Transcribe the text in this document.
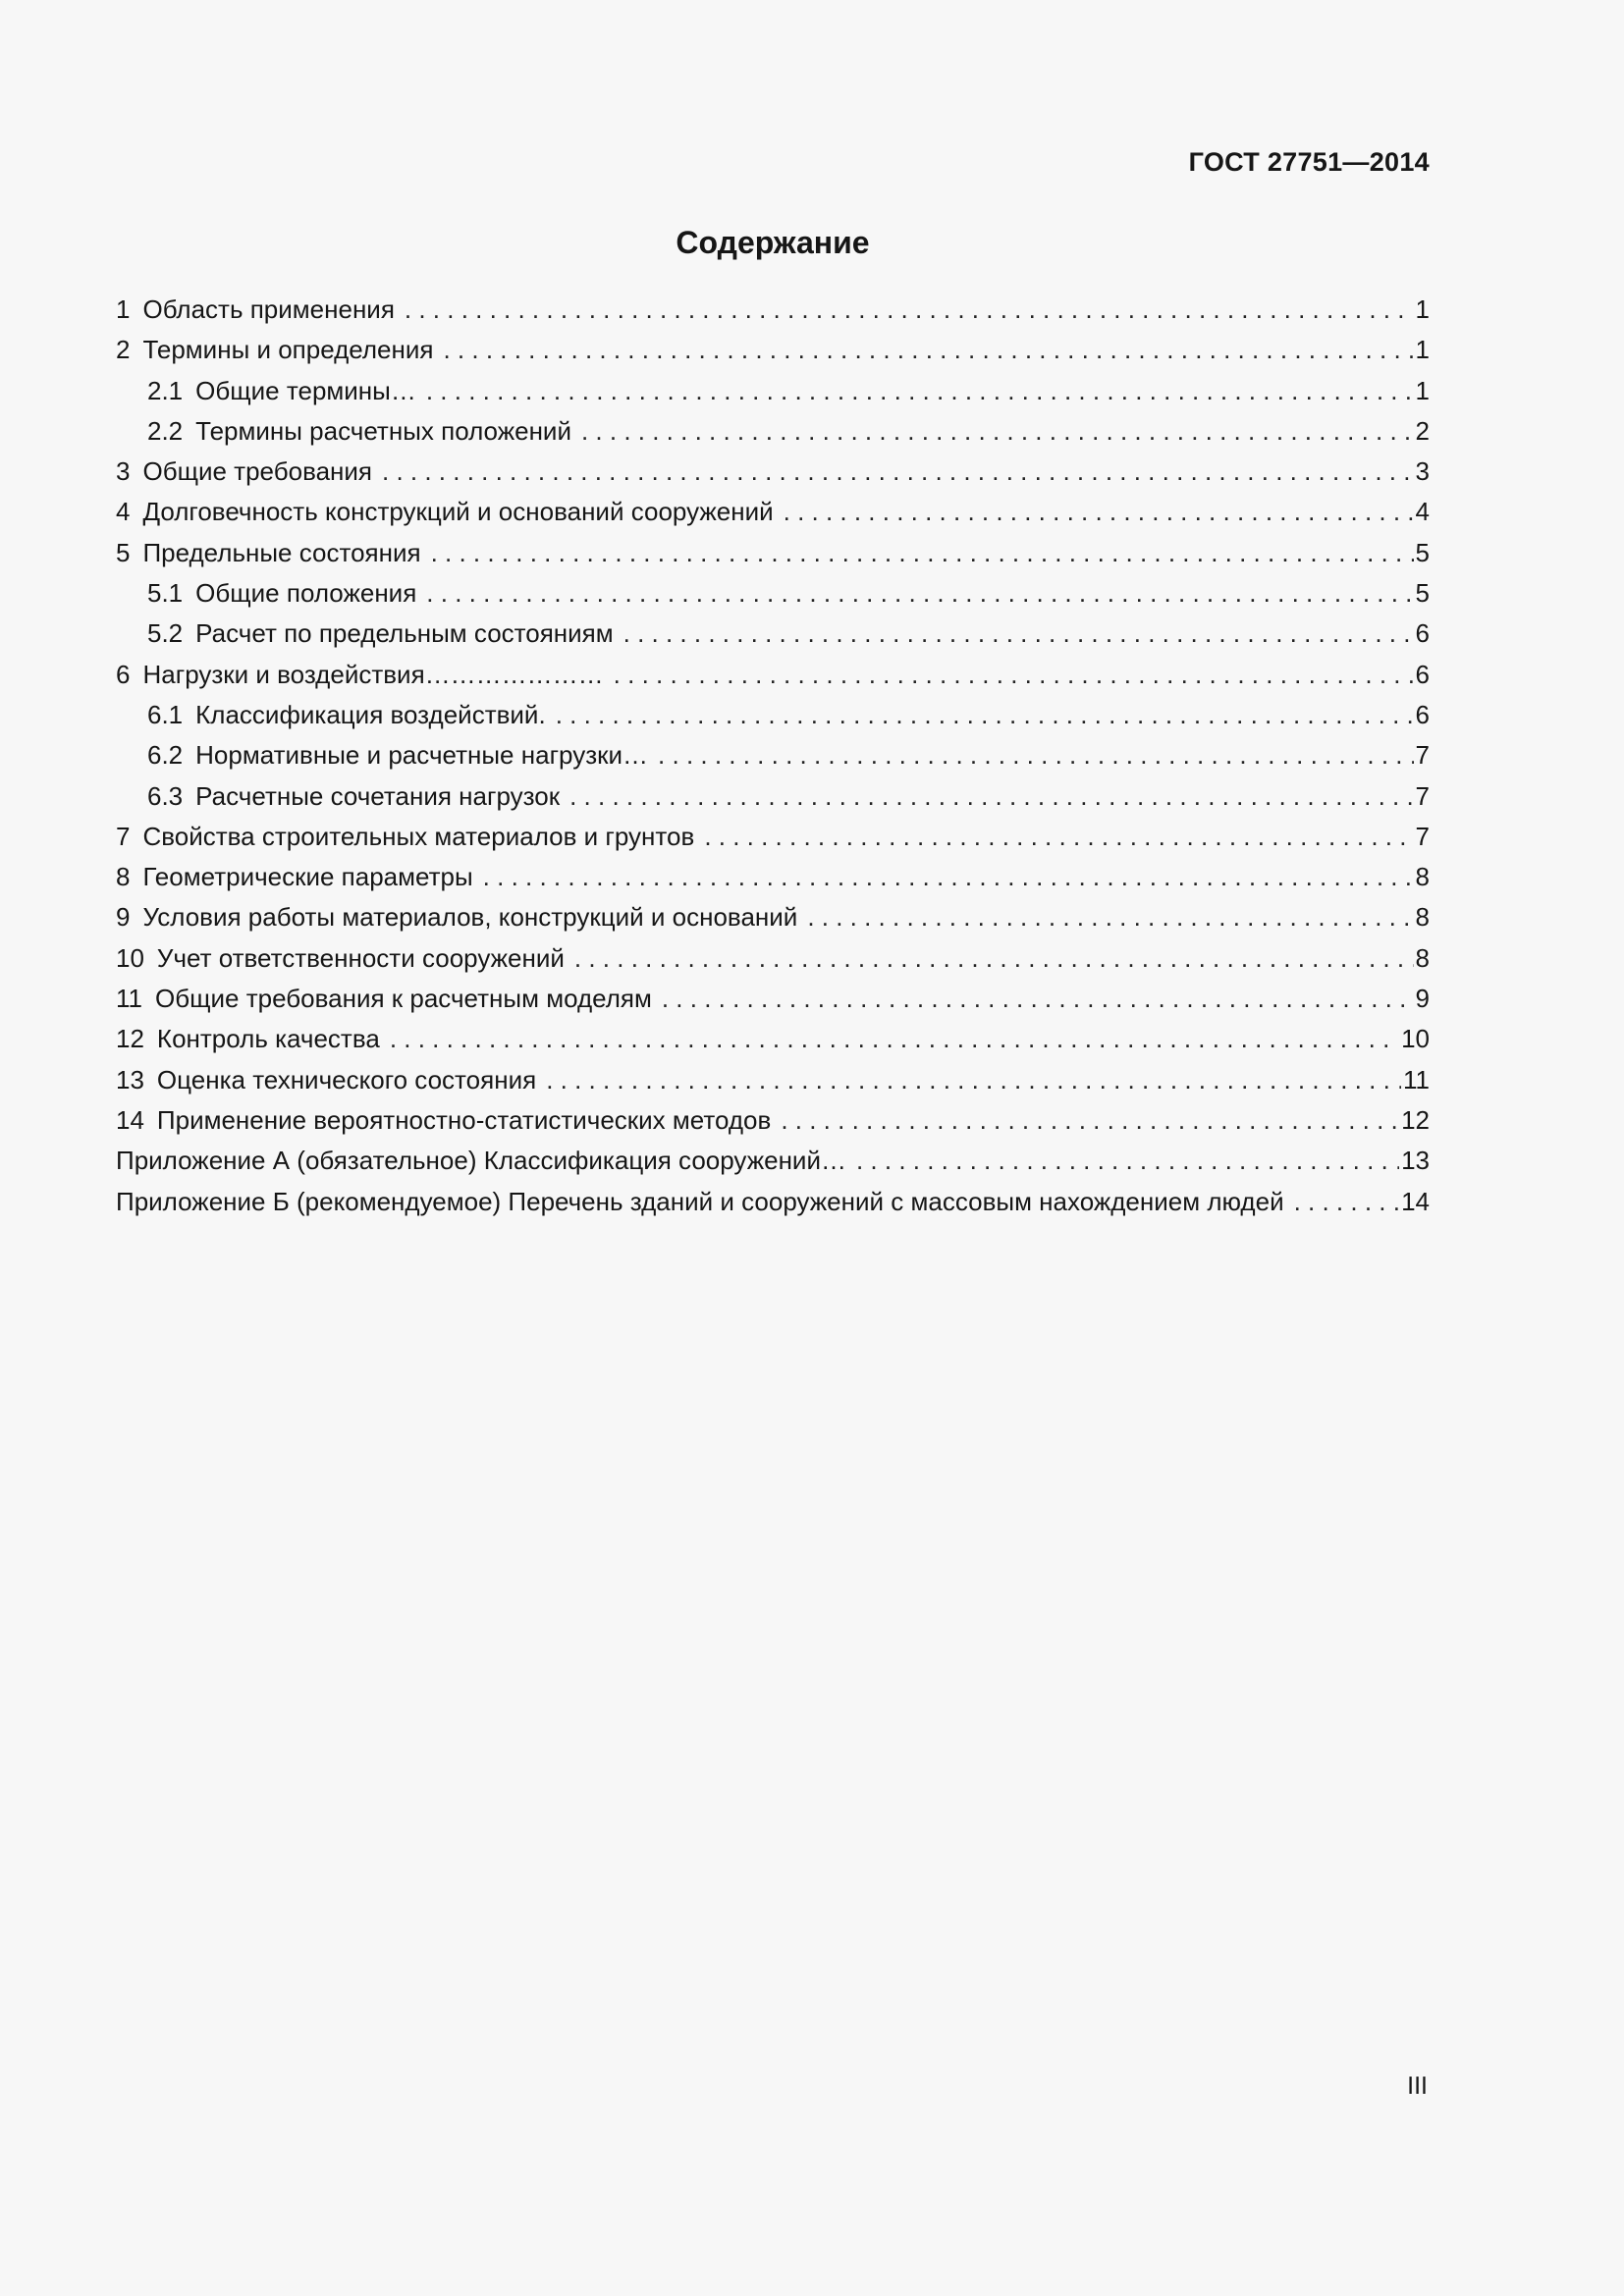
ГОСТ 27751—2014
Содержание
1 Область применения . . .	1
2 Термины и определения . . .	1
2.1 Общие термины… . . .	1
2.2 Термины расчетных положений . . .	2
3 Общие требования . . .	3
4 Долговечность конструкций и оснований сооружений . . .	4
5 Предельные состояния . . .	5
5.1 Общие положения . . .	5
5.2 Расчет по предельным состояниям . . .	6
6 Нагрузки и воздействия………………… . . .	6
6.1 Классификация воздействий. . . .	6
6.2 Нормативные и расчетные нагрузки… . . .	7
6.3 Расчетные сочетания нагрузок . . .	7
7 Свойства строительных материалов и грунтов . . .	7
8 Геометрические параметры . . .	8
9 Условия работы материалов, конструкций и оснований . . .	8
10 Учет ответственности сооружений . . .	8
11 Общие требования к расчетным моделям . . .	9
12 Контроль качества . . .	10
13 Оценка технического состояния . . .	11
14 Применение вероятностно-статистических методов . . .	12
Приложение А (обязательное) Классификация сооружений… . . .	13
Приложение Б (рекомендуемое) Перечень зданий и сооружений с массовым нахождением людей . . .	14
III
